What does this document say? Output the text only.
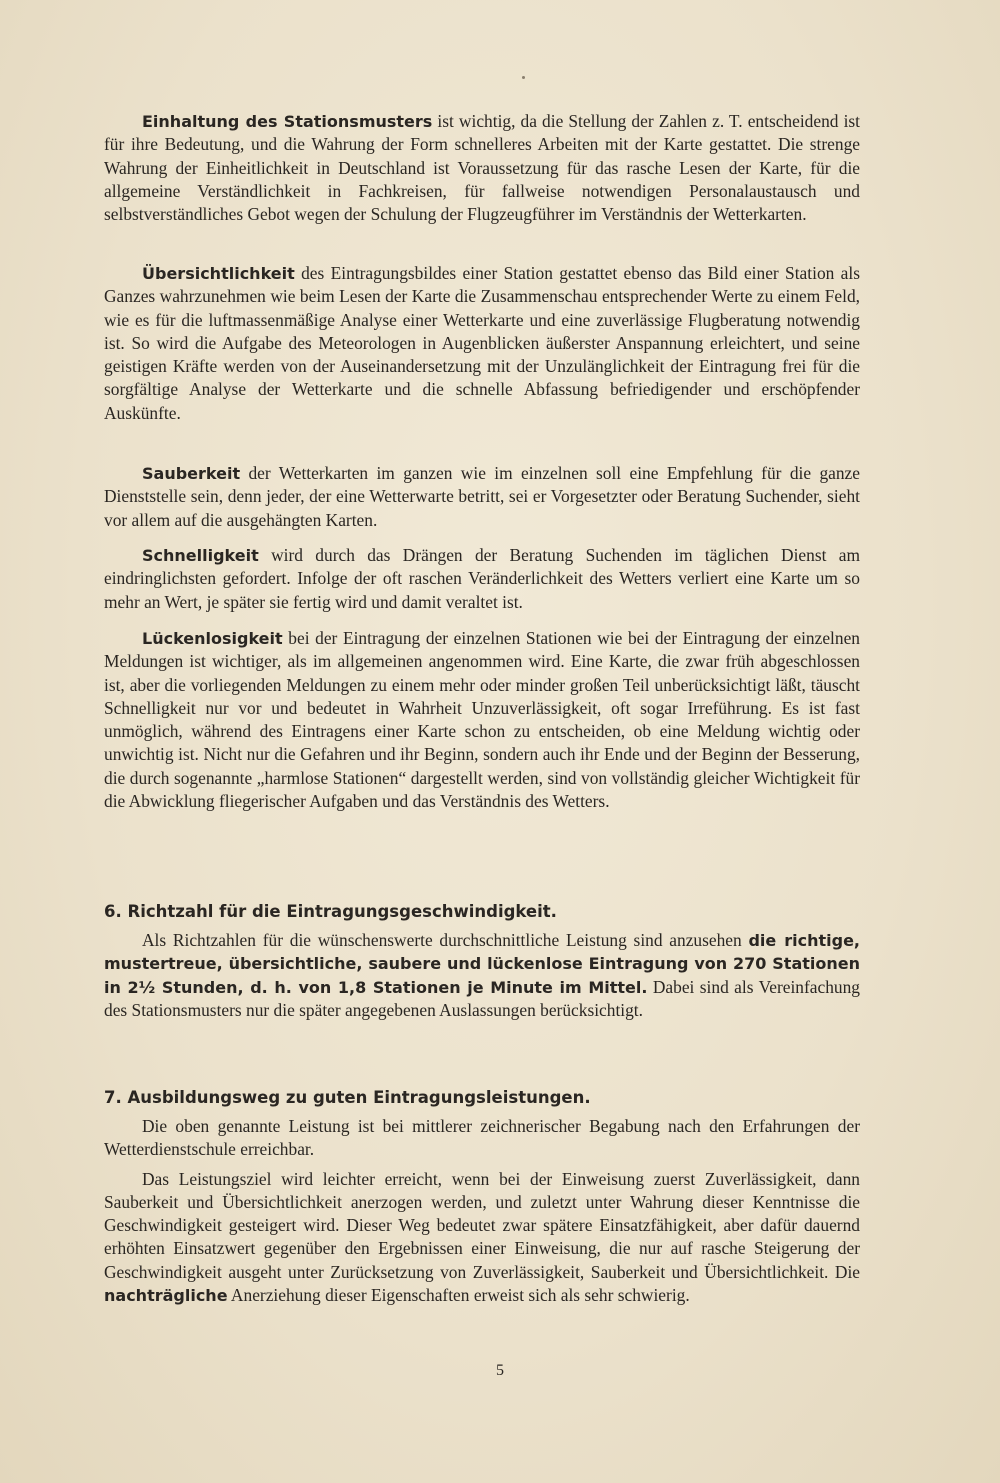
Einhaltung des Stationsmusters ist wichtig, da die Stellung der Zahlen z. T. entscheidend ist für ihre Bedeutung, und die Wahrung der Form schnelleres Arbeiten mit der Karte gestattet. Die strenge Wahrung der Einheitlichkeit in Deutschland ist Voraussetzung für das rasche Lesen der Karte, für die allgemeine Verständlichkeit in Fachkreisen, für fallweise notwendigen Personalaustausch und selbstverständliches Gebot wegen der Schulung der Flugzeugführer im Verständnis der Wetterkarten.

Übersichtlichkeit des Eintragungsbildes einer Station gestattet ebenso das Bild einer Station als Ganzes wahrzunehmen wie beim Lesen der Karte die Zusammenschau entsprechender Werte zu einem Feld, wie es für die luftmassenmäßige Analyse einer Wetterkarte und eine zuverlässige Flugberatung notwendig ist. So wird die Aufgabe des Meteorologen in Augenblicken äußerster Anspannung erleichtert, und seine geistigen Kräfte werden von der Auseinandersetzung mit der Unzulänglichkeit der Eintragung frei für die sorgfältige Analyse der Wetterkarte und die schnelle Abfassung befriedigender und erschöpfender Auskünfte.

Sauberkeit der Wetterkarten im ganzen wie im einzelnen soll eine Empfehlung für die ganze Dienststelle sein, denn jeder, der eine Wetterwarte betritt, sei er Vorgesetzter oder Beratung Suchender, sieht vor allem auf die ausgehängten Karten.

Schnelligkeit wird durch das Drängen der Beratung Suchenden im täglichen Dienst am eindringlichsten gefordert. Infolge der oft raschen Veränderlichkeit des Wetters verliert eine Karte um so mehr an Wert, je später sie fertig wird und damit veraltet ist.

Lückenlosigkeit bei der Eintragung der einzelnen Stationen wie bei der Eintragung der einzelnen Meldungen ist wichtiger, als im allgemeinen angenommen wird. Eine Karte, die zwar früh abgeschlossen ist, aber die vorliegenden Meldungen zu einem mehr oder minder großen Teil unberücksichtigt läßt, täuscht Schnelligkeit nur vor und bedeutet in Wahrheit Unzuverlässigkeit, oft sogar Irreführung. Es ist fast unmöglich, während des Eintragens einer Karte schon zu entscheiden, ob eine Meldung wichtig oder unwichtig ist. Nicht nur die Gefahren und ihr Beginn, sondern auch ihr Ende und der Beginn der Besserung, die durch sogenannte „harmlose Stationen“ dargestellt werden, sind von vollständig gleicher Wichtigkeit für die Abwicklung fliegerischer Aufgaben und das Verständnis des Wetters.

6. Richtzahl für die Eintragungsgeschwindigkeit.

Als Richtzahlen für die wünschenswerte durchschnittliche Leistung sind anzusehen die richtige, mustertreue, übersichtliche, saubere und lückenlose Eintragung von 270 Stationen in 2½ Stunden, d. h. von 1,8 Stationen je Minute im Mittel. Dabei sind als Vereinfachung des Stationsmusters nur die später angegebenen Auslassungen berücksichtigt.

7. Ausbildungsweg zu guten Eintragungsleistungen.

Die oben genannte Leistung ist bei mittlerer zeichnerischer Begabung nach den Erfahrungen der Wetterdienstschule erreichbar.

Das Leistungsziel wird leichter erreicht, wenn bei der Einweisung zuerst Zuverlässigkeit, dann Sauberkeit und Übersichtlichkeit anerzogen werden, und zuletzt unter Wahrung dieser Kenntnisse die Geschwindigkeit gesteigert wird. Dieser Weg bedeutet zwar spätere Einsatzfähigkeit, aber dafür dauernd erhöhten Einsatzwert gegenüber den Ergebnissen einer Einweisung, die nur auf rasche Steigerung der Geschwindigkeit ausgeht unter Zurücksetzung von Zuverlässigkeit, Sauberkeit und Übersichtlichkeit. Die nachträgliche Anerziehung dieser Eigenschaften erweist sich als sehr schwierig.

5
